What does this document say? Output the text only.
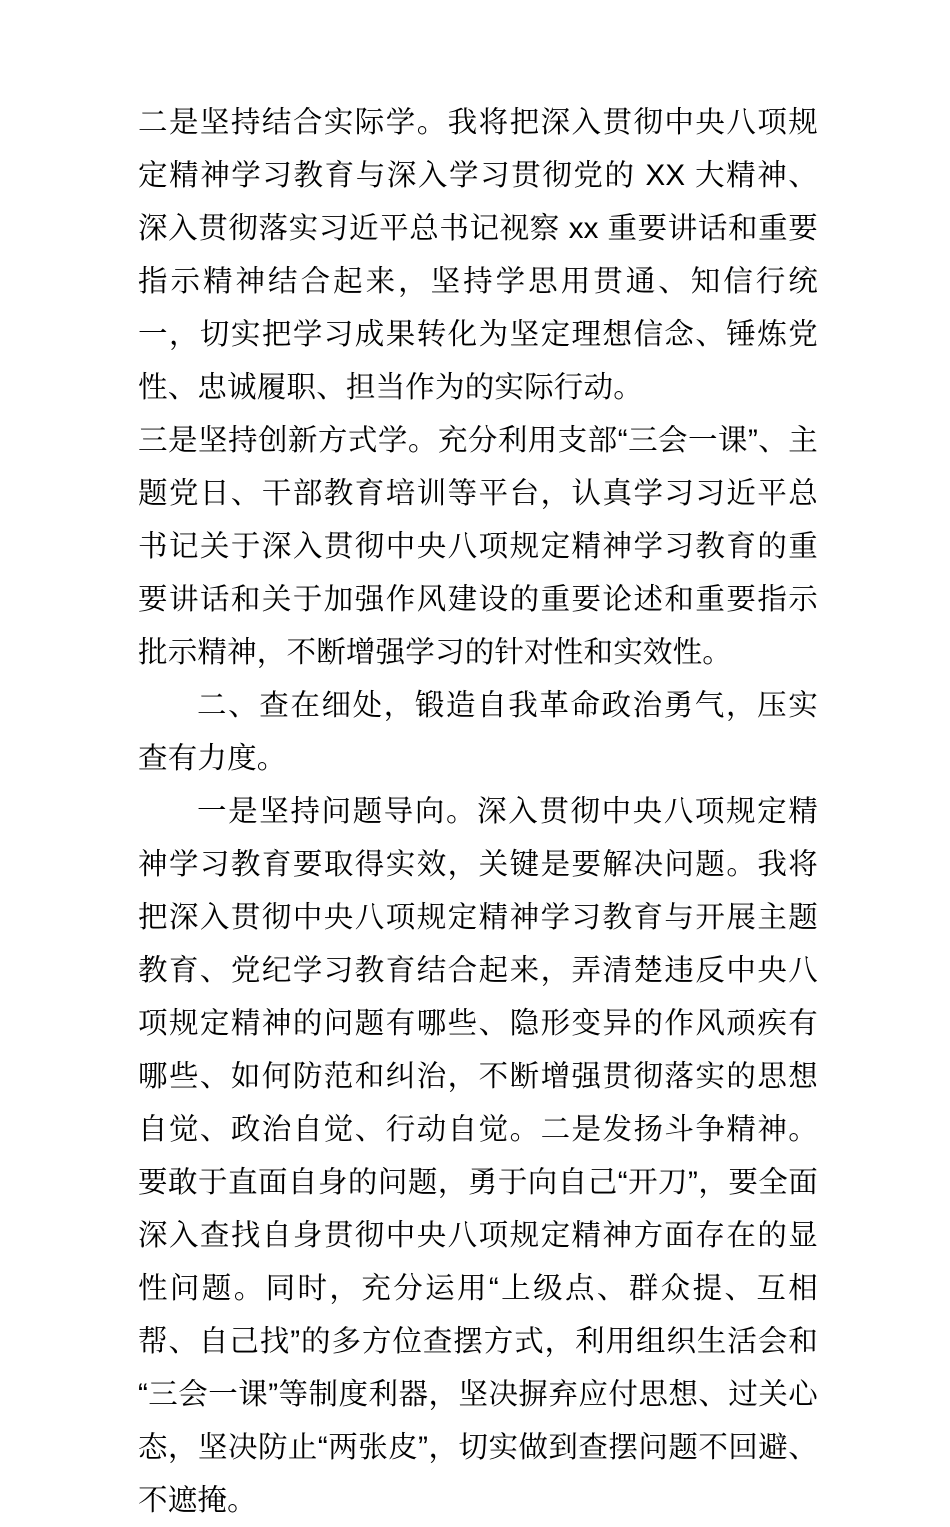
二是坚持结合实际学。我将把深入贯彻中央八项规定精神学习教育与深入学习贯彻党的 XX 大精神、深入贯彻落实习近平总书记视察 xx 重要讲话和重要指示精神结合起来，坚持学思用贯通、知信行统一，切实把学习成果转化为坚定理想信念、锤炼党性、忠诚履职、担当作为的实际行动。

三是坚持创新方式学。充分利用支部“三会一课”、主题党日、干部教育培训等平台，认真学习习近平总书记关于深入贯彻中央八项规定精神学习教育的重要讲话和关于加强作风建设的重要论述和重要指示批示精神，不断增强学习的针对性和实效性。

二、查在细处，锻造自我革命政治勇气，压实查有力度。

一是坚持问题导向。深入贯彻中央八项规定精神学习教育要取得实效，关键是要解决问题。我将把深入贯彻中央八项规定精神学习教育与开展主题教育、党纪学习教育结合起来，弄清楚违反中央八项规定精神的问题有哪些、隐形变异的作风顽疾有哪些、如何防范和纠治，不断增强贯彻落实的思想自觉、政治自觉、行动自觉。二是发扬斗争精神。要敢于直面自身的问题，勇于向自己“开刀”，要全面深入查找自身贯彻中央八项规定精神方面存在的显性问题。同时，充分运用“上级点、群众提、互相帮、自己找”的多方位查摆方式，利用组织生活会和“三会一课”等制度利器，坚决摒弃应付思想、过关心态，坚决防止“两张皮”，切实做到查摆问题不回避、不遮掩。
